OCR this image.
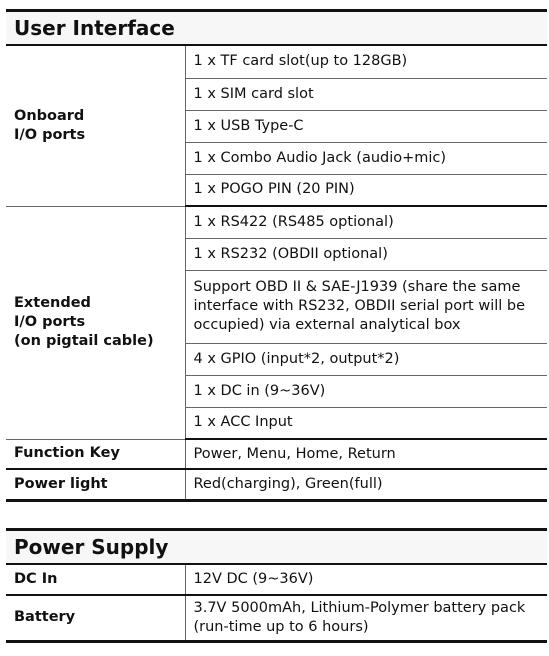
User Interface
Onboard
I/O ports	1 x TF card slot(up to 128GB)
	1 x SIM card slot
	1 x USB Type-C
	1 x Combo Audio Jack (audio+mic)
	1 x POGO PIN (20 PIN)

Extended
I/O ports
(on pigtail cable)	1 x RS422 (RS485 optional)
	1 x RS232 (OBDII optional)
	Support OBD II & SAE-J1939 (share the same interface with RS232, OBDII serial port will be occupied) via external analytical box
	4 x GPIO (input*2, output*2)
	1 x DC in (9~36V)
	1 x ACC Input
Function Key	Power, Menu, Home, Return
Power light	Red(charging), Green(full)
Power Supply
DC In	12V DC (9~36V)
Battery	3.7V 5000mAh, Lithium-Polymer battery pack (run-time up to 6 hours)
